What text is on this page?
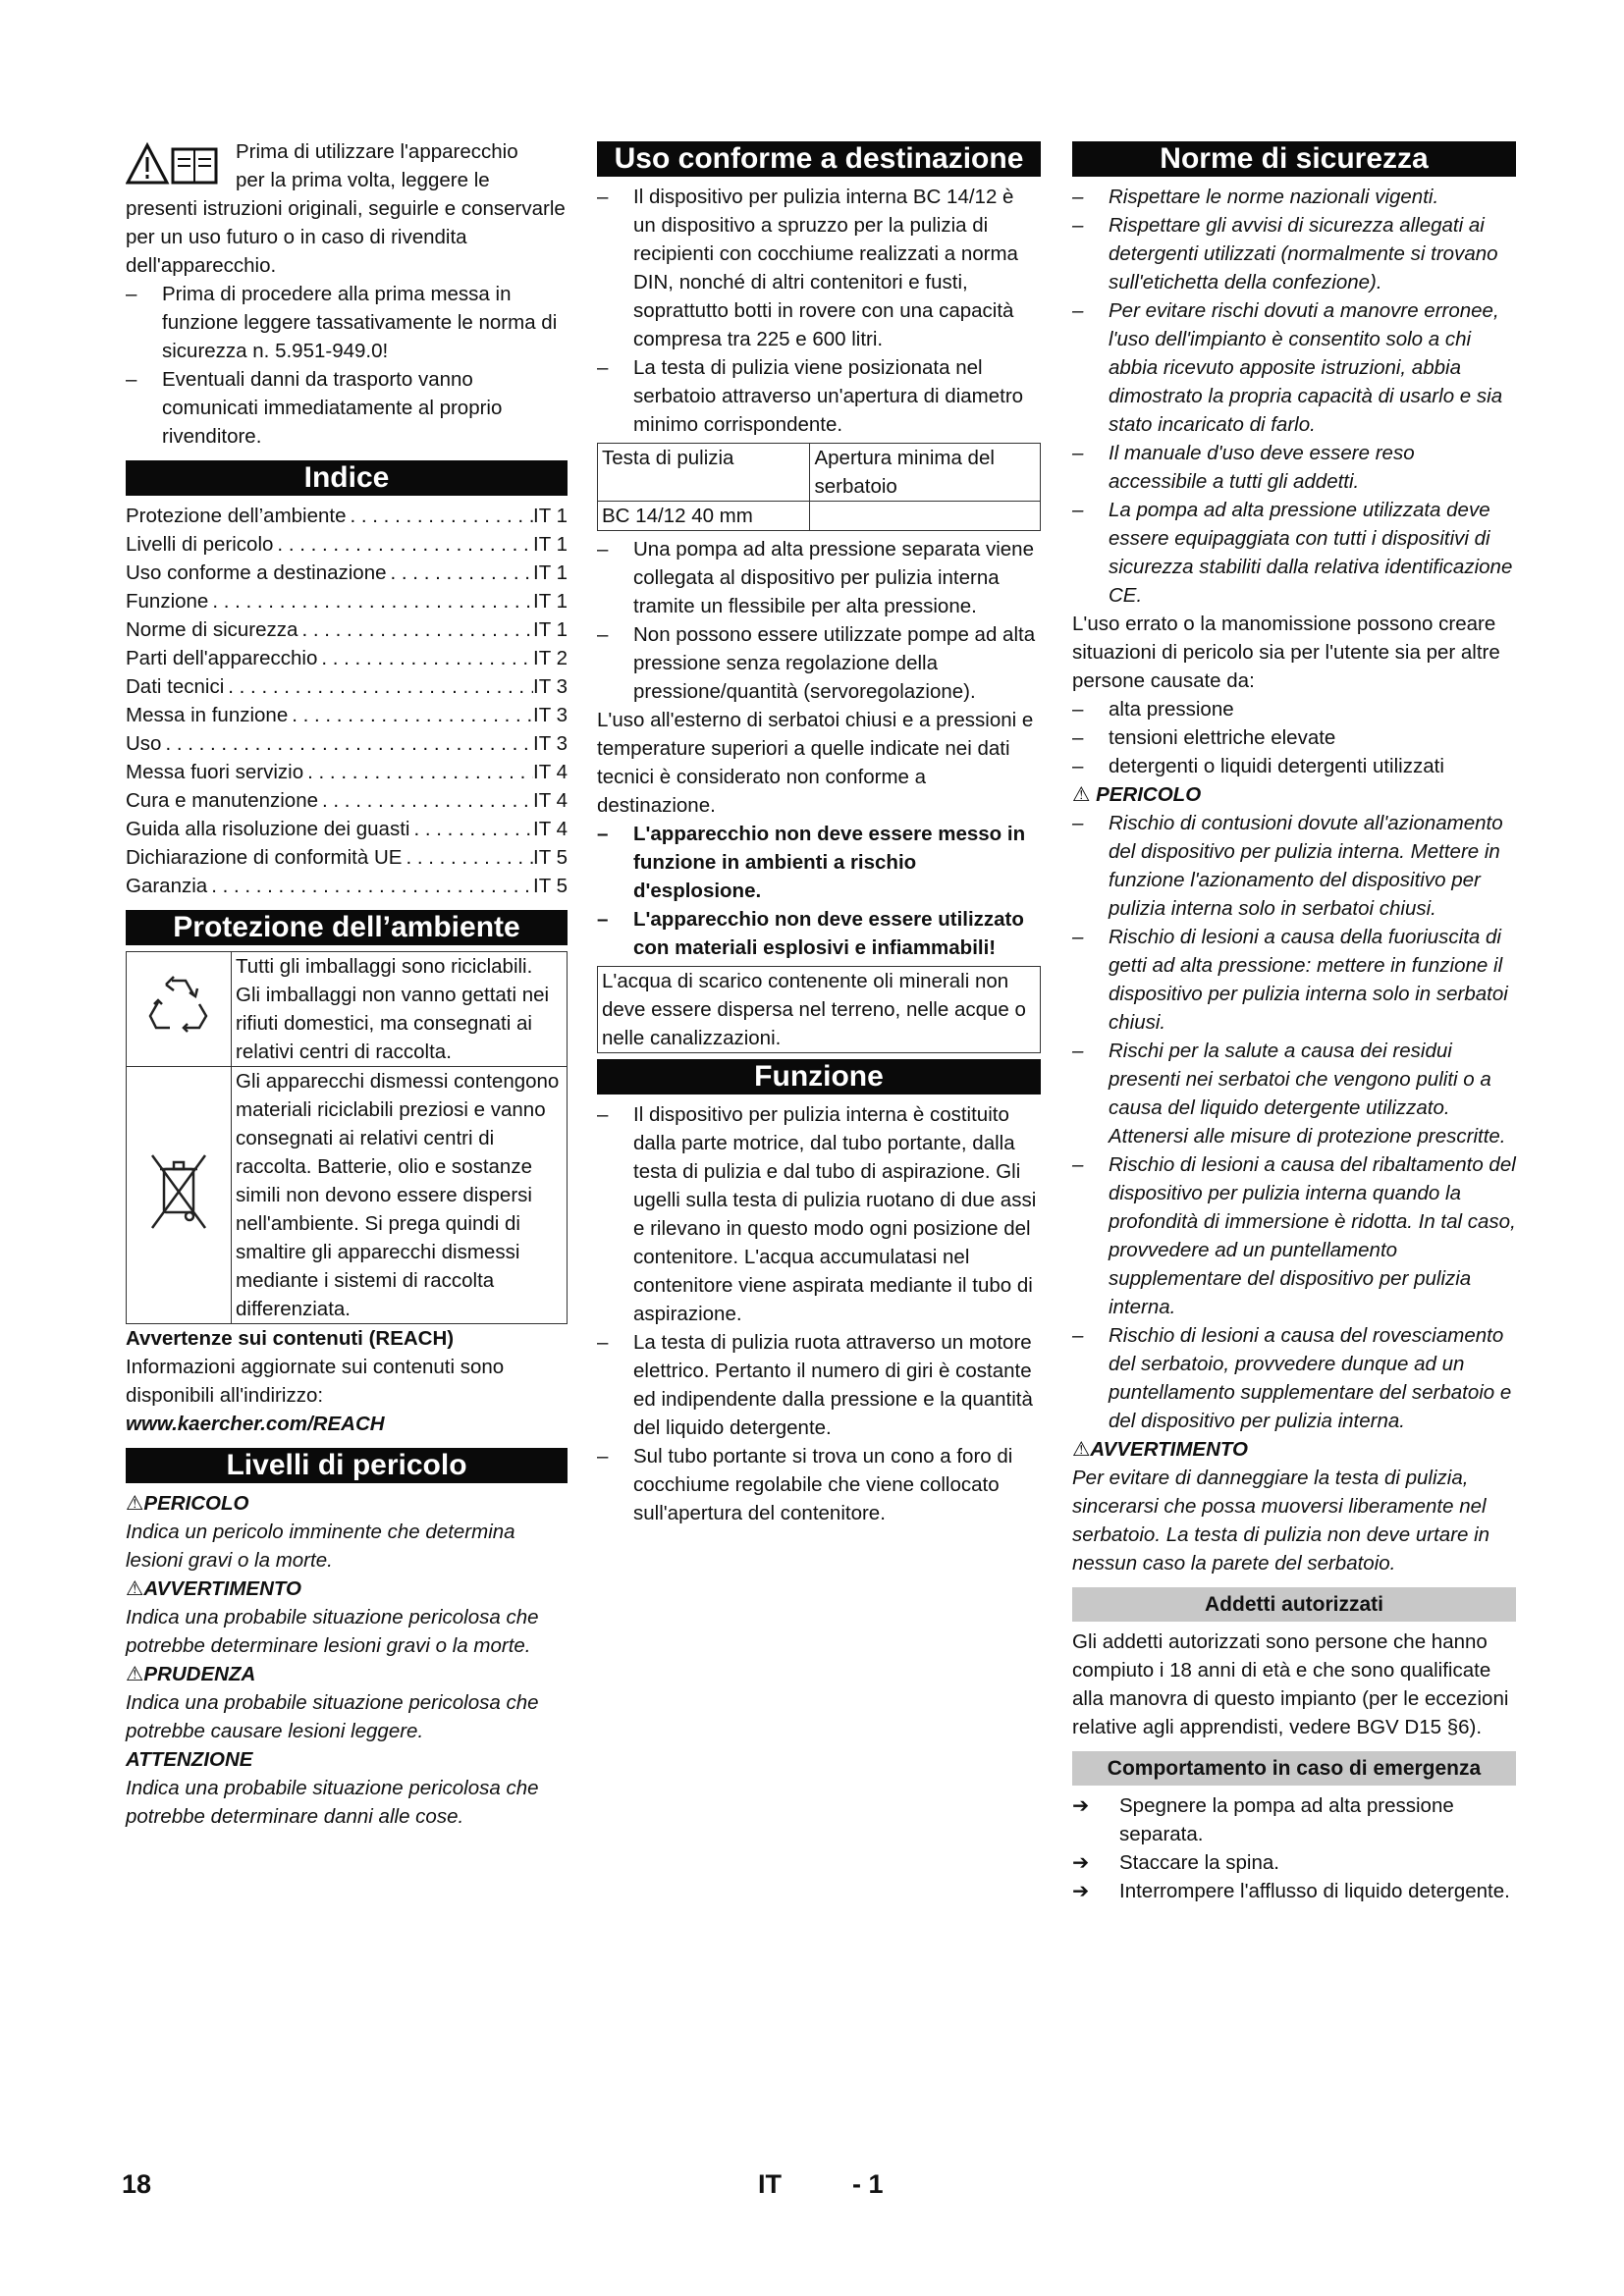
Prima di utilizzare l'apparecchio

per la prima volta, leggere le

presenti istruzioni originali, seguirle e conservarle per un uso futuro o in caso di rivendita dell'apparecchio.

– Prima di procedere alla prima messa in funzione leggere tassativamente le norma di sicurezza n. 5.951-949.0!

– Eventuali danni da trasporto vanno comunicati immediatamente al proprio rivenditore.

Indice
Protezione dell’ambiente . . .	IT 1
Livelli di pericolo . . .	IT 1
Uso conforme a destinazione . . .	IT 1
Funzione . . .	IT 1
Norme di sicurezza . . .	IT 1
Parti dell'apparecchio . . .	IT 2
Dati tecnici . . .	IT 3
Messa in funzione . . .	IT 3
Uso . . .	IT 3
Messa fuori servizio . . .	IT 4
Cura e manutenzione . . .	IT 4
Guida alla risoluzione dei guasti . . .	IT 4
Dichiarazione di conformità UE . . .	IT 5
Garanzia . . .	IT 5
Protezione dell’ambiente
	Tutti gli imballaggi sono riciclabili. Gli imballaggi non vanno gettati nei rifiuti domestici, ma consegnati ai relativi centri di raccolta.
	Gli apparecchi dismessi contengono materiali riciclabili preziosi e vanno consegnati ai relativi centri di raccolta. Batterie, olio e sostanze simili non devono essere dispersi nell'ambiente. Si prega quindi di smaltire gli apparecchi dismessi mediante i sistemi di raccolta differenziata.

Avvertenze sui contenuti (REACH)

Informazioni aggiornate sui contenuti sono disponibili all'indirizzo:

www.kaercher.com/REACH

Livelli di pericolo

⚠PERICOLO

Indica un pericolo imminente che determina lesioni gravi o la morte.

⚠AVVERTIMENTO

Indica una probabile situazione pericolosa che potrebbe determinare lesioni gravi o la morte.

⚠PRUDENZA

Indica una probabile situazione pericolosa che potrebbe causare lesioni leggere.

ATTENZIONE

Indica una probabile situazione pericolosa che potrebbe determinare danni alle cose.

Uso conforme a destinazione

– Il dispositivo per pulizia interna BC 14/12 è un dispositivo a spruzzo per la pulizia di recipienti con cocchiume realizzati a norma DIN, nonché di altri contenitori e fusti, soprattutto botti in rovere con una capacità compresa tra 225 e 600 litri.

– La testa di pulizia viene posizionata nel serbatoio attraverso un'apertura di diametro minimo corrispondente.

Testa di pulizia	Apertura minima del serbatoio
BC 14/12 40 mm	

– Una pompa ad alta pressione separata viene collegata al dispositivo per pulizia interna tramite un flessibile per alta pressione.

– Non possono essere utilizzate pompe ad alta pressione senza regolazione della pressione/quantità (servoregolazione).

L'uso all'esterno di serbatoi chiusi e a pressioni e temperature superiori a quelle indicate nei dati tecnici è considerato non conforme a destinazione.

– L'apparecchio non deve essere messo in funzione in ambienti a rischio d'esplosione.

– L'apparecchio non deve essere utilizzato con materiali esplosivi e infiammabili!

L'acqua di scarico contenente oli minerali non deve essere dispersa nel terreno, nelle acque o nelle canalizzazioni.
Funzione

– Il dispositivo per pulizia interna è costituito dalla parte motrice, dal tubo portante, dalla testa di pulizia e dal tubo di aspirazione. Gli ugelli sulla testa di pulizia ruotano di due assi e rilevano in questo modo ogni posizione del contenitore. L'acqua accumulatasi nel contenitore viene aspirata mediante il tubo di aspirazione.

– La testa di pulizia ruota attraverso un motore elettrico. Pertanto il numero di giri è costante ed indipendente dalla pressione e la quantità del liquido detergente.

– Sul tubo portante si trova un cono a foro di cocchiume regolabile che viene collocato sull'apertura del contenitore.

Norme di sicurezza

– Rispettare le norme nazionali vigenti.

– Rispettare gli avvisi di sicurezza allegati ai detergenti utilizzati (normalmente si trovano sull'etichetta della confezione).

– Per evitare rischi dovuti a manovre erronee, l'uso dell'impianto è consentito solo a chi abbia ricevuto apposite istruzioni, abbia dimostrato la propria capacità di usarlo e sia stato incaricato di farlo.

– Il manuale d'uso deve essere reso accessibile a tutti gli addetti.

– La pompa ad alta pressione utilizzata deve essere equipaggiata con tutti i dispositivi di sicurezza stabiliti dalla relativa identificazione CE.

L'uso errato o la manomissione possono creare situazioni di pericolo sia per l'utente sia per altre persone causate da:

– alta pressione

– tensioni elettriche elevate

– detergenti o liquidi detergenti utilizzati

⚠ PERICOLO

– Rischio di contusioni dovute all'azionamento del dispositivo per pulizia interna. Mettere in funzione l'azionamento del dispositivo per pulizia interna solo in serbatoi chiusi.

– Rischio di lesioni a causa della fuoriuscita di getti ad alta pressione: mettere in funzione il dispositivo per pulizia interna solo in serbatoi chiusi.

– Rischi per la salute a causa dei residui presenti nei serbatoi che vengono puliti o a causa del liquido detergente utilizzato. Attenersi alle misure di protezione prescritte.

– Rischio di lesioni a causa del ribaltamento del dispositivo per pulizia interna quando la profondità di immersione è ridotta. In tal caso, provvedere ad un puntellamento supplementare del dispositivo per pulizia interna.

– Rischio di lesioni a causa del rovesciamento del serbatoio, provvedere dunque ad un puntellamento supplementare del serbatoio e del dispositivo per pulizia interna.

⚠AVVERTIMENTO

Per evitare di danneggiare la testa di pulizia, sincerarsi che possa muoversi liberamente nel serbatoio. La testa di pulizia non deve urtare in nessun caso la parete del serbatoio.

Addetti autorizzati

Gli addetti autorizzati sono persone che hanno compiuto i 18 anni di età e che sono qualificate alla manovra di questo impianto (per le eccezioni relative agli apprendisti, vedere BGV D15 §6).

Comportamento in caso di emergenza

➔ Spegnere la pompa ad alta pressione separata.

➔ Staccare la spina.

➔ Interrompere l'afflusso di liquido detergente.

18	IT	- 1
